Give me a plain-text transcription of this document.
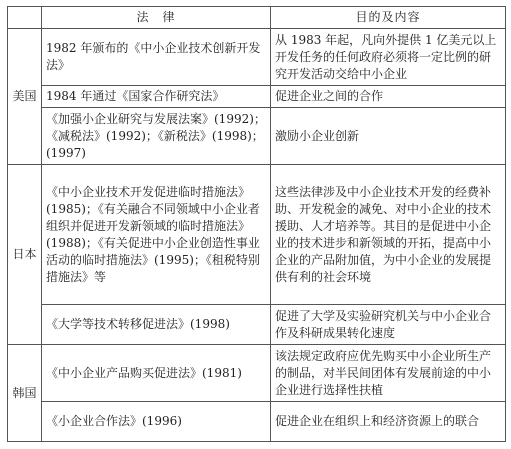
	法　律	目的及内容
美国	1982 年颁布的《中小企业技术创新开发法》	从 1983 年起，凡向外提供 1 亿美元以上开发任务的任何政府必须将一定比例的研究开发活动交给中小企业
	1984 年通过《国家合作研究法》	促进企业之间的合作
	《加强小企业研究与发展法案》(1992)；《减税法》(1992)；《新税法》(1998)；(1997)	激励小企业创新
日本	《中小企业技术开发促进临时措施法》(1985)；《有关融合不同领域中小企业者组织并促进开发新领域的临时措施法》(1988)；《有关促进中小企业创造性事业活动的临时措施法》(1995)；《租税特别措施法》等	这些法律涉及中小企业技术开发的经费补助、开发税金的减免、对中小企业的技术援助、人才培养等。其目的是促进中小企业的技术进步和新领域的开拓，提高中小企业的产品附加值，为中小企业的发展提供有利的社会环境
	《大学等技术转移促进法》(1998)	促进了大学及实验研究机关与中小企业合作及科研成果转化速度
韩国	《中小企业产品购买促进法》(1981)	该法规定政府应优先购买中小企业所生产的制品，对半民间团体有发展前途的中小企业进行选择性扶植
	《小企业合作法》(1996)	促进企业在组织上和经济资源上的联合
